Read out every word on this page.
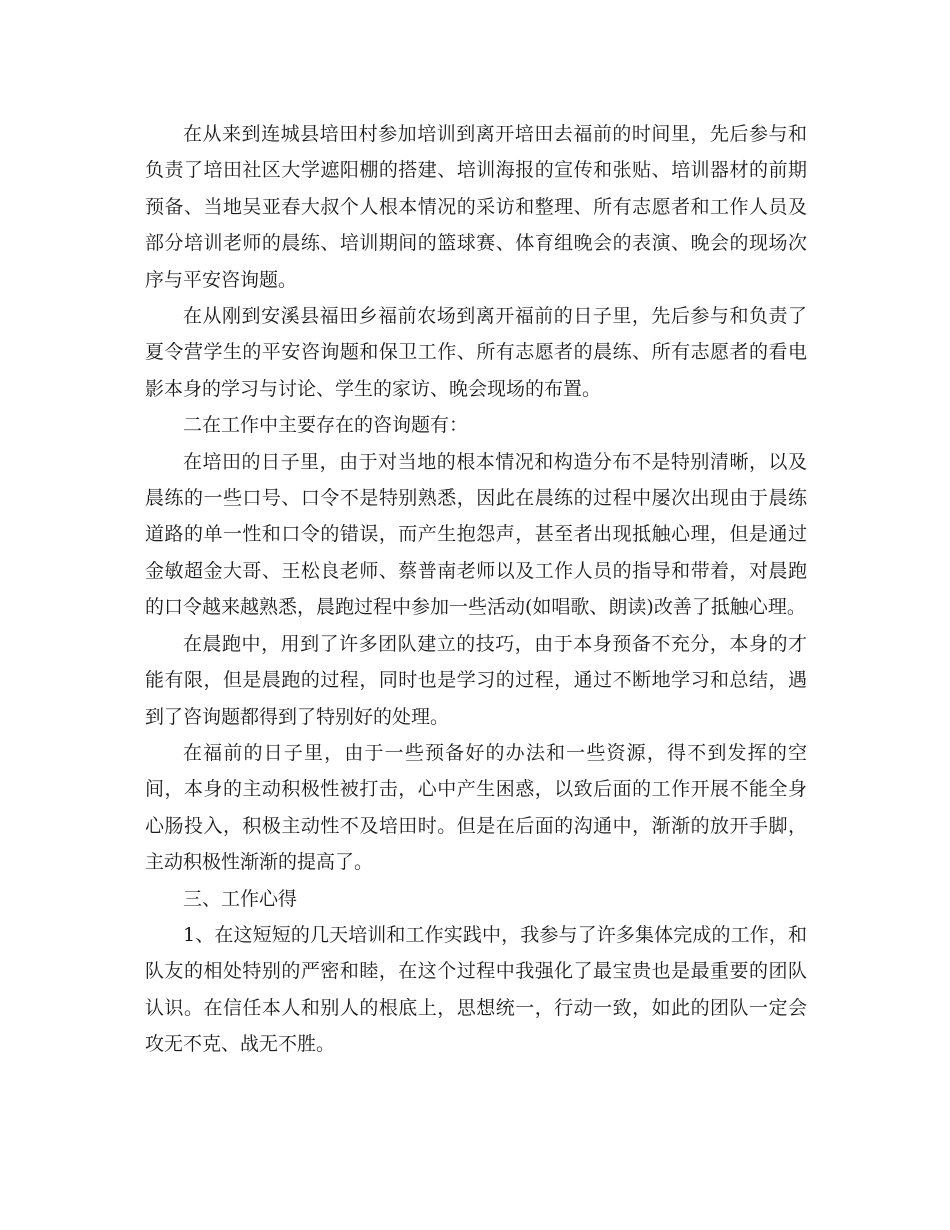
在从来到连城县培田村参加培训到离开培田去福前的时间里，先后参与和负责了培田社区大学遮阳棚的搭建、培训海报的宣传和张贴、培训器材的前期预备、当地吴亚春大叔个人根本情况的采访和整理、所有志愿者和工作人员及部分培训老师的晨练、培训期间的篮球赛、体育组晚会的表演、晚会的现场次序与平安咨询题。

在从刚到安溪县福田乡福前农场到离开福前的日子里，先后参与和负责了夏令营学生的平安咨询题和保卫工作、所有志愿者的晨练、所有志愿者的看电影本身的学习与讨论、学生的家访、晚会现场的布置。

二在工作中主要存在的咨询题有：

在培田的日子里，由于对当地的根本情况和构造分布不是特别清晰，以及晨练的一些口号、口令不是特别熟悉，因此在晨练的过程中屡次出现由于晨练道路的单一性和口令的错误，而产生抱怨声，甚至者出现抵触心理，但是通过金敏超金大哥、王松良老师、蔡普南老师以及工作人员的指导和带着，对晨跑的口令越来越熟悉，晨跑过程中参加一些活动(如唱歌、朗读)改善了抵触心理。

在晨跑中，用到了许多团队建立的技巧，由于本身预备不充分，本身的才能有限，但是晨跑的过程，同时也是学习的过程，通过不断地学习和总结，遇到了咨询题都得到了特别好的处理。

在福前的日子里，由于一些预备好的办法和一些资源，得不到发挥的空间，本身的主动积极性被打击，心中产生困惑，以致后面的工作开展不能全身心肠投入，积极主动性不及培田时。但是在后面的沟通中，渐渐的放开手脚，主动积极性渐渐的提高了。

三、工作心得

1、在这短短的几天培训和工作实践中，我参与了许多集体完成的工作，和队友的相处特别的严密和睦，在这个过程中我强化了最宝贵也是最重要的团队认识。在信任本人和别人的根底上，思想统一，行动一致，如此的团队一定会攻无不克、战无不胜。
